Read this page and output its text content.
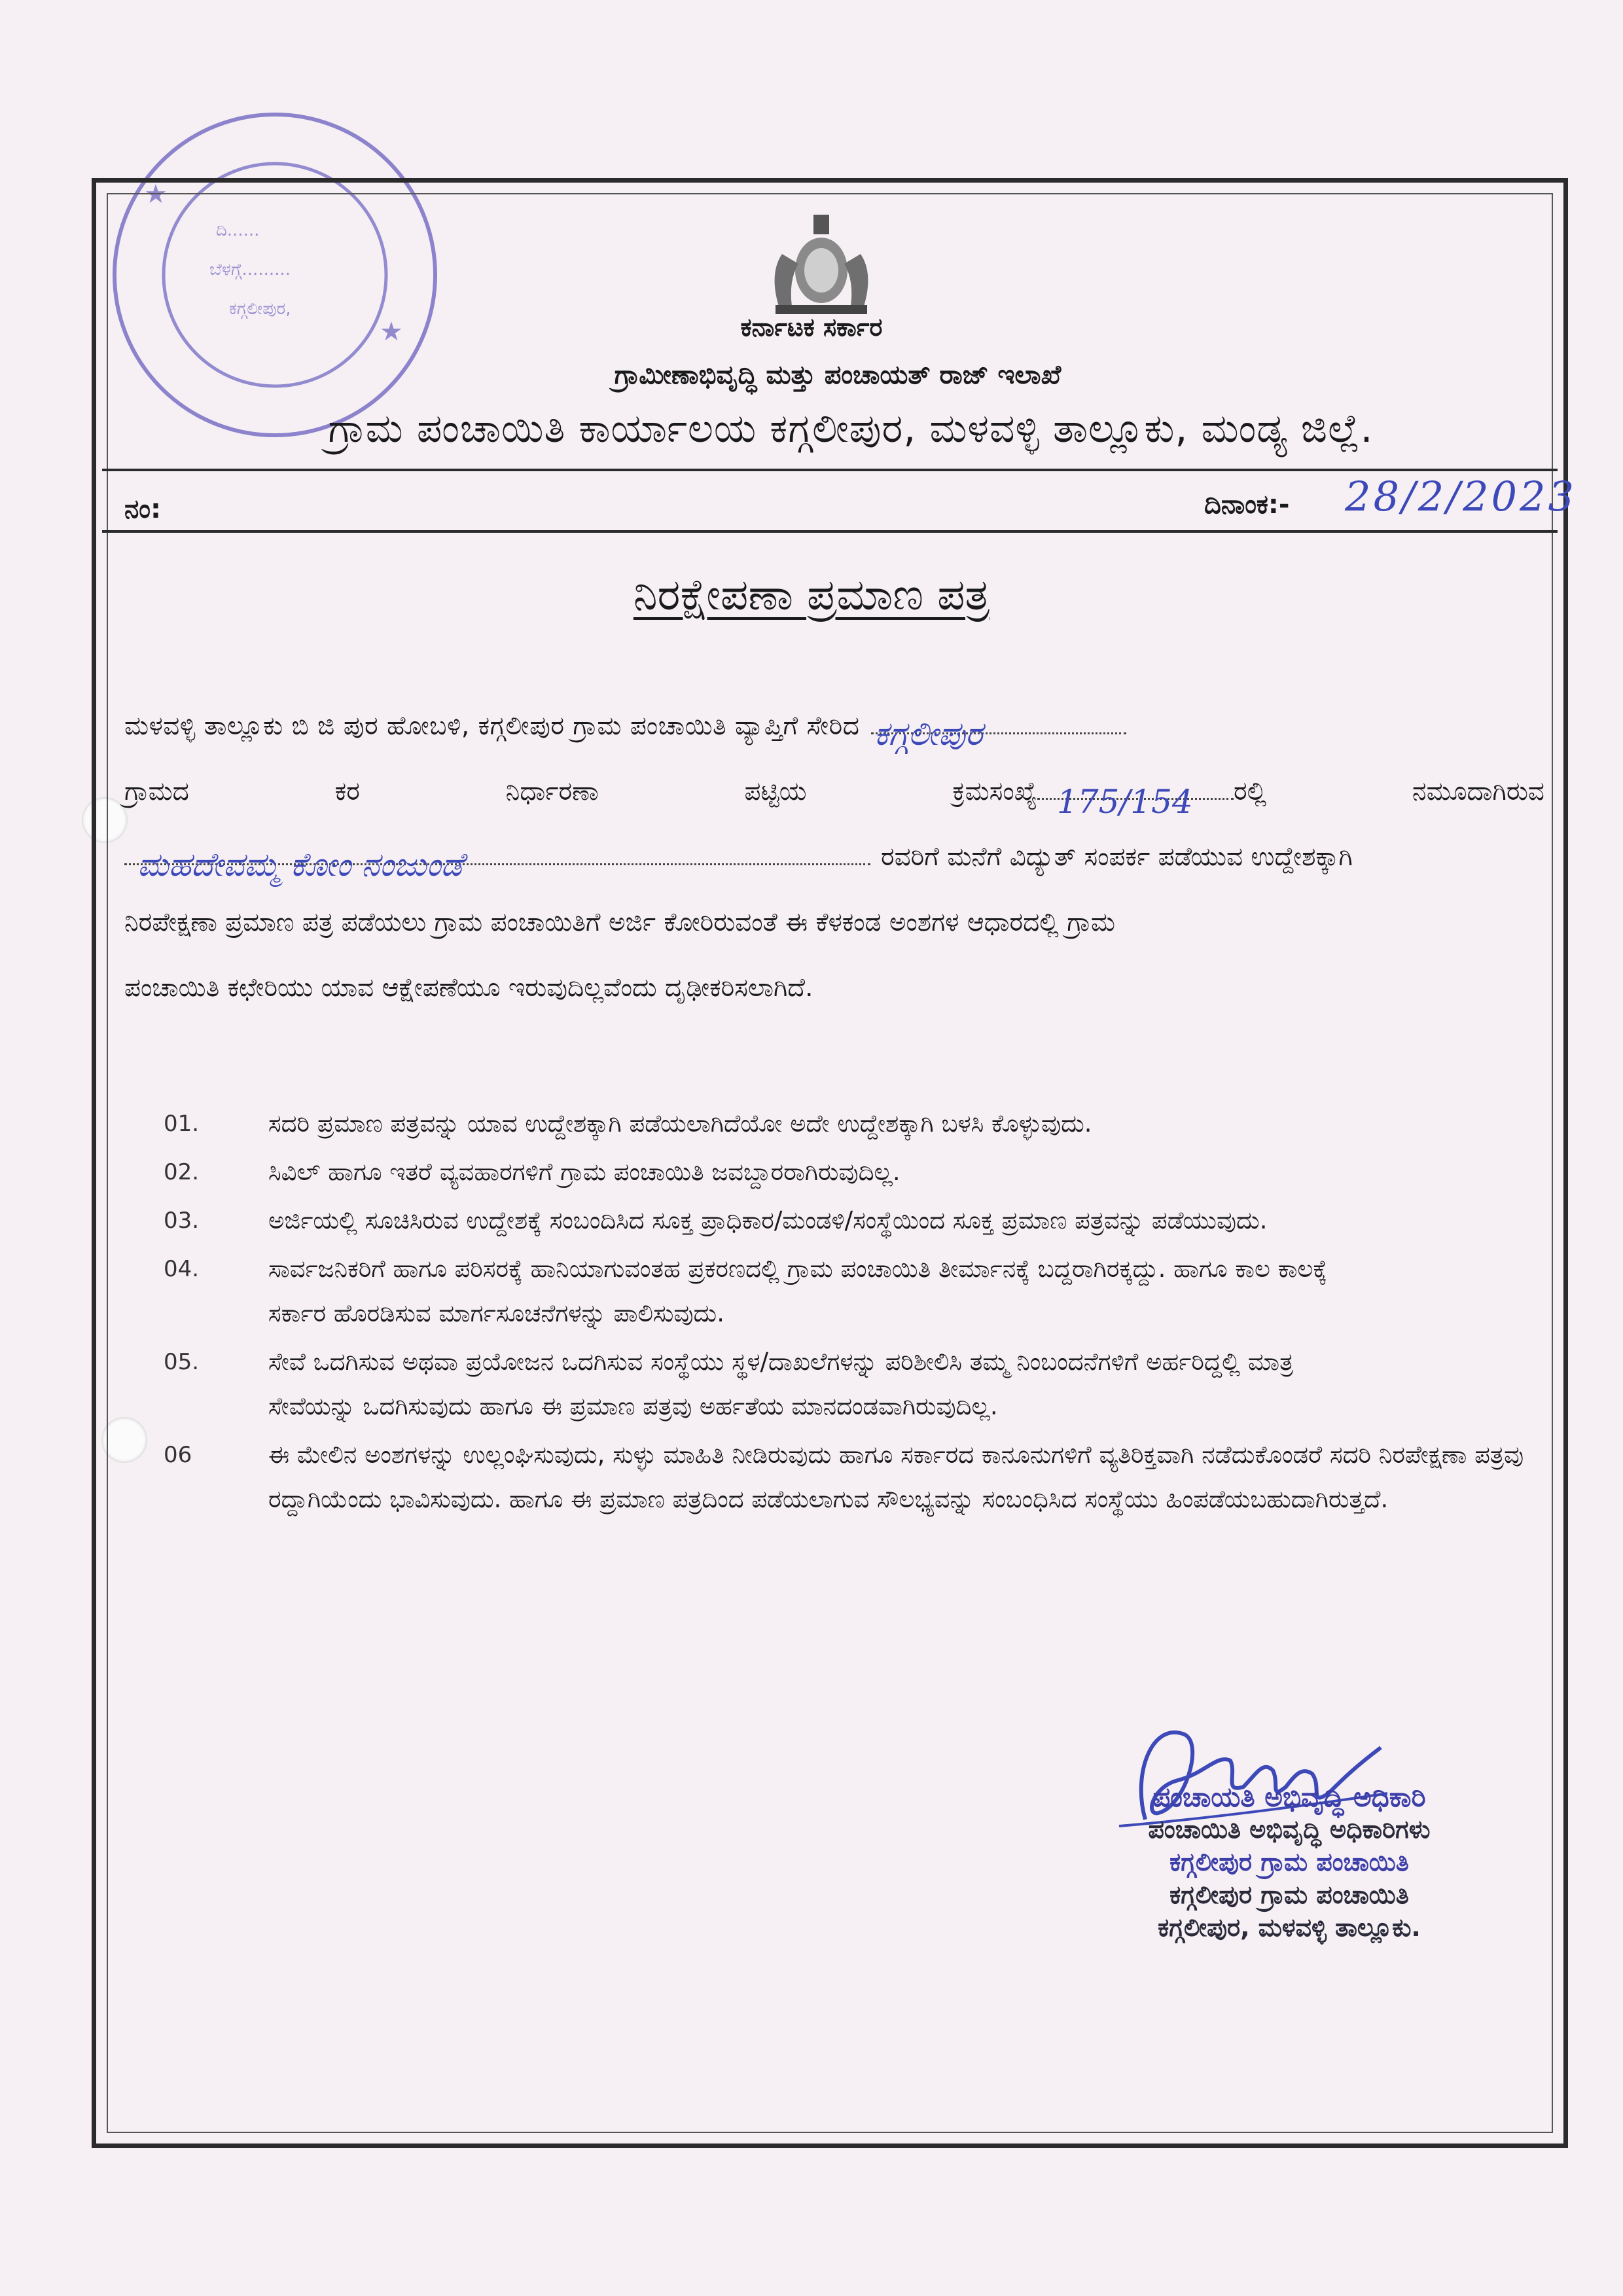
★
★
ದಿ......
ಬೆಳಗ್ಗೆ.........
ಕಗ್ಗಲೀಪುರ,
ಕರ್ನಾಟಕ ಸರ್ಕಾರ
ಗ್ರಾಮೀಣಾಭಿವೃದ್ಧಿ ಮತ್ತು ಪಂಚಾಯತ್ ರಾಜ್ ಇಲಾಖೆ
ಗ್ರಾಮ ಪಂಚಾಯಿತಿ ಕಾರ್ಯಾಲಯ ಕಗ್ಗಲೀಪುರ, ಮಳವಳ್ಳಿ ತಾಲ್ಲೂಕು, ಮಂಡ್ಯ ಜಿಲ್ಲೆ.
ನಂ:	ದಿನಾಂಕ:- 28/2/2023
ನಿರಕ್ಷೇಪಣಾ ಪ್ರಮಾಣ ಪತ್ರ
ಮಳವಳ್ಳಿ ತಾಲ್ಲೂಕು ಬಿ ಜಿ ಪುರ ಹೋಬಳಿ, ಕಗ್ಗಲೀಪುರ ಗ್ರಾಮ ಪಂಚಾಯಿತಿ ವ್ಯಾಪ್ತಿಗೆ ಸೇರಿದ ಕಗ್ಗಲೀಪುರ
ಗ್ರಾಮದ	ಕರ	ನಿರ್ಧಾರಣಾ	ಪಟ್ಟಿಯ	ಕ್ರಮಸಂಖ್ಯೆ 175/154 ರಲ್ಲಿ	ನಮೂದಾಗಿರುವ
ಮಹದೇವಮ್ಮ ಕೋಂ ನಂಜುಂಡೆ	ರವರಿಗೆ ಮನೆಗೆ ವಿದ್ಯುತ್ ಸಂಪರ್ಕ ಪಡೆಯುವ ಉದ್ದೇಶಕ್ಕಾಗಿ
ನಿರಪೇಕ್ಷಣಾ ಪ್ರಮಾಣ ಪತ್ರ ಪಡೆಯಲು ಗ್ರಾಮ ಪಂಚಾಯಿತಿಗೆ ಅರ್ಜಿ ಕೋರಿರುವಂತೆ ಈ ಕೆಳಕಂಡ ಅಂಶಗಳ ಆಧಾರದಲ್ಲಿ ಗ್ರಾಮ
ಪಂಚಾಯಿತಿ ಕಛೇರಿಯು ಯಾವ ಆಕ್ಷೇಪಣೆಯೂ ಇರುವುದಿಲ್ಲವೆಂದು ದೃಢೀಕರಿಸಲಾಗಿದೆ.
01.	ಸದರಿ ಪ್ರಮಾಣ ಪತ್ರವನ್ನು ಯಾವ ಉದ್ದೇಶಕ್ಕಾಗಿ ಪಡೆಯಲಾಗಿದೆಯೋ ಅದೇ ಉದ್ದೇಶಕ್ಕಾಗಿ ಬಳಸಿ ಕೊಳ್ಳುವುದು.
02.	ಸಿವಿಲ್ ಹಾಗೂ ಇತರೆ ವ್ಯವಹಾರಗಳಿಗೆ ಗ್ರಾಮ ಪಂಚಾಯಿತಿ ಜವಬ್ದಾರರಾಗಿರುವುದಿಲ್ಲ.
03.	ಅರ್ಜಿಯಲ್ಲಿ ಸೂಚಿಸಿರುವ ಉದ್ದೇಶಕ್ಕೆ ಸಂಬಂದಿಸಿದ ಸೂಕ್ತ ಪ್ರಾಧಿಕಾರ/ಮಂಡಳಿ/ಸಂಸ್ಥೆಯಿಂದ ಸೂಕ್ತ ಪ್ರಮಾಣ ಪತ್ರವನ್ನು ಪಡೆಯುವುದು.
04.	ಸಾರ್ವಜನಿಕರಿಗೆ ಹಾಗೂ ಪರಿಸರಕ್ಕೆ ಹಾನಿಯಾಗುವಂತಹ ಪ್ರಕರಣದಲ್ಲಿ ಗ್ರಾಮ ಪಂಚಾಯಿತಿ ತೀರ್ಮಾನಕ್ಕೆ ಬದ್ದರಾಗಿರಕ್ಕದ್ದು. ಹಾಗೂ ಕಾಲ ಕಾಲಕ್ಕೆ ಸರ್ಕಾರ ಹೊರಡಿಸುವ ಮಾರ್ಗಸೂಚನೆಗಳನ್ನು ಪಾಲಿಸುವುದು.
05.	ಸೇವೆ ಒದಗಿಸುವ ಅಥವಾ ಪ್ರಯೋಜನ ಒದಗಿಸುವ ಸಂಸ್ಥೆಯು ಸ್ಥಳ/ದಾಖಲೆಗಳನ್ನು ಪರಿಶೀಲಿಸಿ ತಮ್ಮ ನಿಂಬಂದನೆಗಳಿಗೆ ಅರ್ಹರಿದ್ದಲ್ಲಿ ಮಾತ್ರ ಸೇವೆಯನ್ನು ಒದಗಿಸುವುದು ಹಾಗೂ ಈ ಪ್ರಮಾಣ ಪತ್ರವು ಅರ್ಹತೆಯ ಮಾನದಂಡವಾಗಿರುವುದಿಲ್ಲ.
06	ಈ ಮೇಲಿನ ಅಂಶಗಳನ್ನು ಉಲ್ಲಂಘಿಸುವುದು, ಸುಳ್ಳು ಮಾಹಿತಿ ನೀಡಿರುವುದು ಹಾಗೂ ಸರ್ಕಾರದ ಕಾನೂನುಗಳಿಗೆ ವ್ಯತಿರಿಕ್ತವಾಗಿ ನಡೆದುಕೊಂಡರೆ ಸದರಿ ನಿರಪೇಕ್ಷಣಾ ಪತ್ರವು ರದ್ದಾಗಿಯೆಂದು ಭಾವಿಸುವುದು. ಹಾಗೂ ಈ ಪ್ರಮಾಣ ಪತ್ರದಿಂದ ಪಡೆಯಲಾಗುವ ಸೌಲಭ್ಯವನ್ನು ಸಂಬಂಧಿಸಿದ ಸಂಸ್ಥೆಯು ಹಿಂಪಡೆಯಬಹುದಾಗಿರುತ್ತದೆ.
ಪಂಚಾಯತಿ ಅಭಿವೃದ್ಧಿ ಅಧಿಕಾರಿ
ಪಂಚಾಯಿತಿ ಅಭಿವೃದ್ಧಿ ಅಧಿಕಾರಿಗಳು
ಕಗ್ಗಲೀಪುರ ಗ್ರಾಮ ಪಂಚಾಯಿತಿ
ಕಗ್ಗಲೀಪುರ ಗ್ರಾಮ ಪಂಚಾಯಿತಿ
ಕಗ್ಗಲೀಪುರ, ಮಳವಳ್ಳಿ ತಾಲ್ಲೂಕು.
